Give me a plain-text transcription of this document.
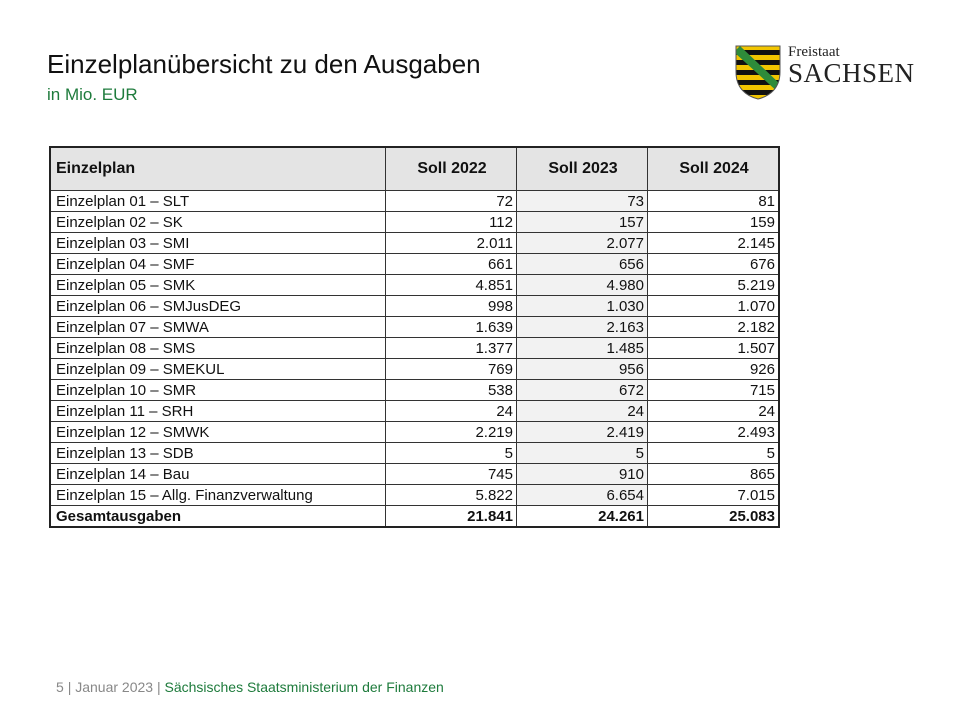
Einzelplanübersicht zu den Ausgaben
in Mio. EUR
Freistaat
SACHSEN
Einzelplan	Soll 2022	Soll 2023	Soll 2024
Einzelplan 01 – SLT	72	73	81
Einzelplan 02 – SK	112	157	159
Einzelplan 03 – SMI	2.011	2.077	2.145
Einzelplan 04 – SMF	661	656	676
Einzelplan 05 – SMK	4.851	4.980	5.219
Einzelplan 06 – SMJusDEG	998	1.030	1.070
Einzelplan 07 – SMWA	1.639	2.163	2.182
Einzelplan 08 – SMS	1.377	1.485	1.507
Einzelplan 09 – SMEKUL	769	956	926
Einzelplan 10 – SMR	538	672	715
Einzelplan 11 – SRH	24	24	24
Einzelplan 12 – SMWK	2.219	2.419	2.493
Einzelplan 13 – SDB	5	5	5
Einzelplan 14 – Bau	745	910	865
Einzelplan 15 – Allg. Finanzverwaltung	5.822	6.654	7.015
Gesamtausgaben	21.841	24.261	25.083
5 | Januar 2023 | Sächsisches Staatsministerium der Finanzen
